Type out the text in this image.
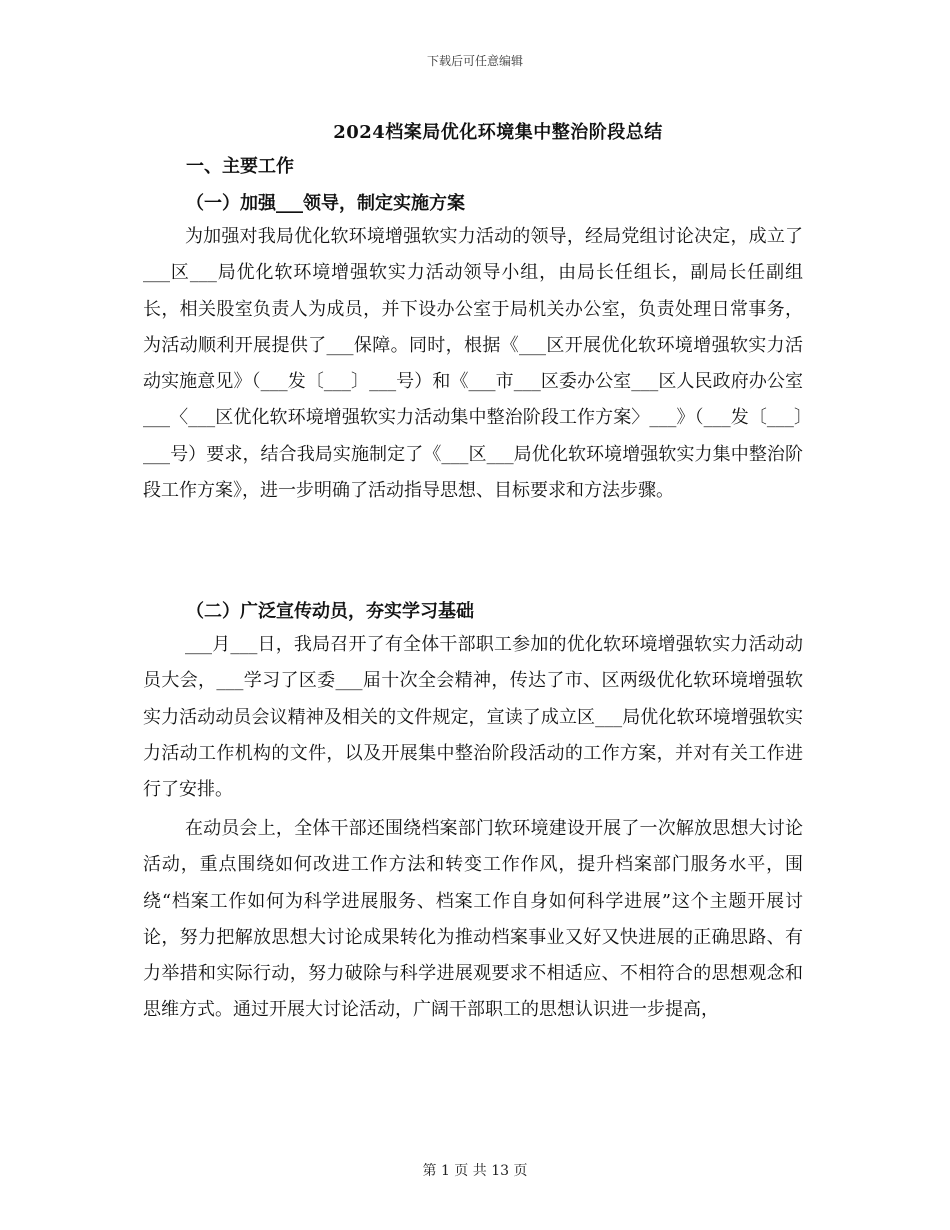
下载后可任意编辑
2024档案局优化环境集中整治阶段总结
一、主要工作
（一）加强___领导，制定实施方案
为加强对我局优化软环境增强软实力活动的领导，经局党组讨论决定，成立了___区___局优化软环境增强软实力活动领导小组，由局长任组长，副局长任副组长，相关股室负责人为成员，并下设办公室于局机关办公室，负责处理日常事务，为活动顺利开展提供了___保障。同时，根据《___区开展优化软环境增强软实力活动实施意见》（___发〔___〕___号）和《___市___区委办公室___区人民政府办公室___〈___区优化软环境增强软实力活动集中整治阶段工作方案〉___》（___发〔___〕___号）要求，结合我局实施制定了《___区___局优化软环境增强软实力集中整治阶段工作方案》，进一步明确了活动指导思想、目标要求和方法步骤。
（二）广泛宣传动员，夯实学习基础
___月___日，我局召开了有全体干部职工参加的优化软环境增强软实力活动动员大会，___学习了区委___届十次全会精神，传达了市、区两级优化软环境增强软实力活动动员会议精神及相关的文件规定，宣读了成立区___局优化软环境增强软实力活动工作机构的文件，以及开展集中整治阶段活动的工作方案，并对有关工作进行了安排。
在动员会上，全体干部还围绕档案部门软环境建设开展了一次解放思想大讨论活动，重点围绕如何改进工作方法和转变工作作风，提升档案部门服务水平，围绕“档案工作如何为科学进展服务、档案工作自身如何科学进展”这个主题开展讨论，努力把解放思想大讨论成果转化为推动档案事业又好又快进展的正确思路、有力举措和实际行动，努力破除与科学进展观要求不相适应、不相符合的思想观念和思维方式。通过开展大讨论活动，广阔干部职工的思想认识进一步提高，
第 1 页 共 13 页
